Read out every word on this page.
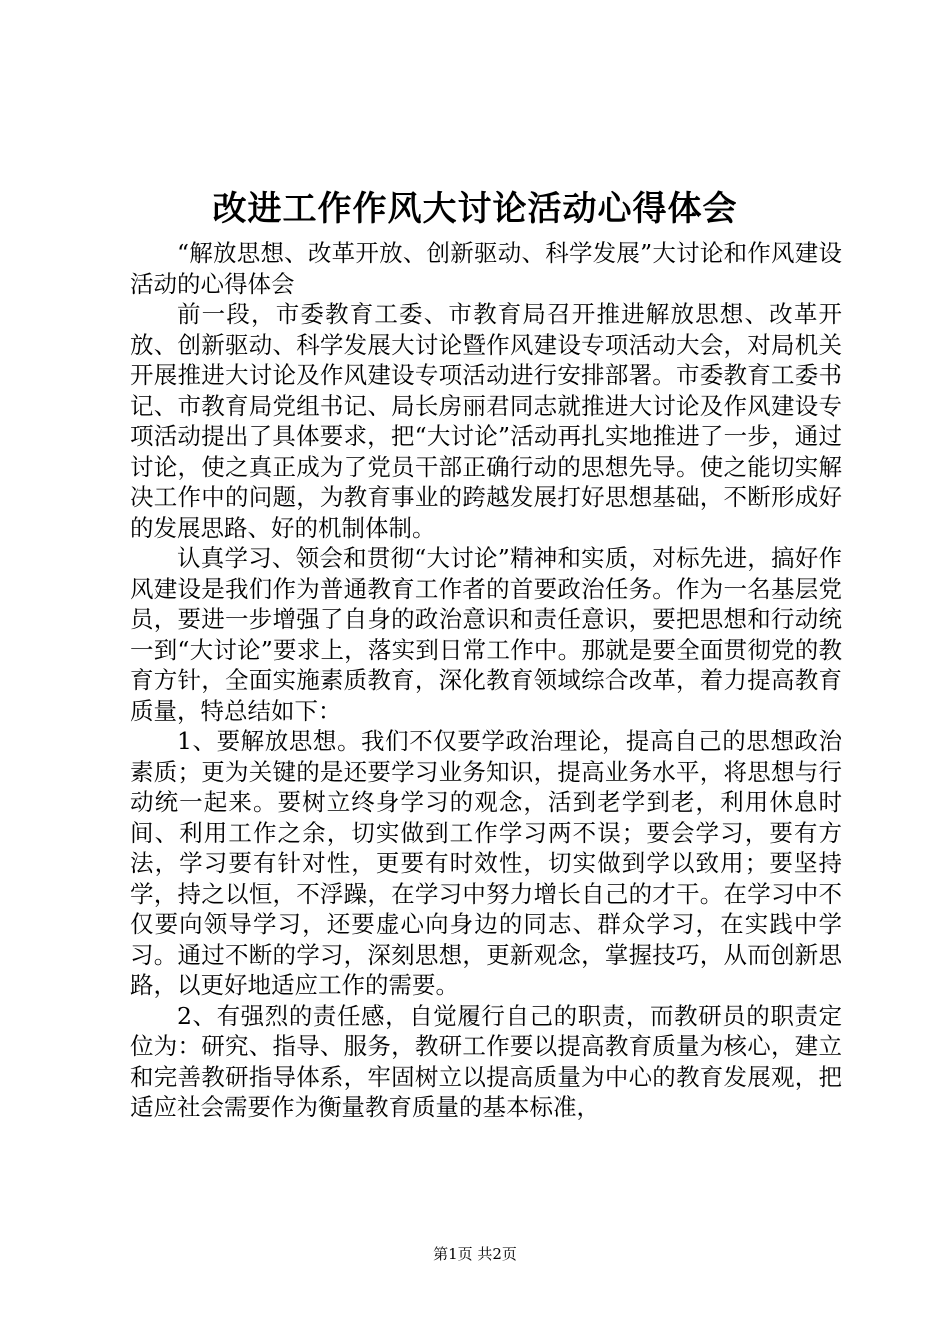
改进工作作风大讨论活动心得体会

“解放思想、改革开放、创新驱动、科学发展”大讨论和作风建设活动的心得体会

前一段，市委教育工委、市教育局召开推进解放思想、改革开放、创新驱动、科学发展大讨论暨作风建设专项活动大会，对局机关开展推进大讨论及作风建设专项活动进行安排部署。市委教育工委书记、市教育局党组书记、局长房丽君同志就推进大讨论及作风建设专项活动提出了具体要求，把“大讨论”活动再扎实地推进了一步，通过讨论，使之真正成为了党员干部正确行动的思想先导。使之能切实解决工作中的问题，为教育事业的跨越发展打好思想基础，不断形成好的发展思路、好的机制体制。

认真学习、领会和贯彻“大讨论”精神和实质，对标先进，搞好作风建设是我们作为普通教育工作者的首要政治任务。作为一名基层党员，要进一步增强了自身的政治意识和责任意识，要把思想和行动统一到“大讨论”要求上，落实到日常工作中。那就是要全面贯彻党的教育方针，全面实施素质教育，深化教育领域综合改革，着力提高教育质量，特总结如下：

1、要解放思想。我们不仅要学政治理论，提高自己的思想政治素质；更为关键的是还要学习业务知识，提高业务水平，将思想与行动统一起来。要树立终身学习的观念，活到老学到老，利用休息时间、利用工作之余，切实做到工作学习两不误；要会学习，要有方法，学习要有针对性，更要有时效性，切实做到学以致用；要坚持学，持之以恒，不浮躁，在学习中努力增长自己的才干。在学习中不仅要向领导学习，还要虚心向身边的同志、群众学习，在实践中学习。通过不断的学习，深刻思想，更新观念，掌握技巧，从而创新思路，以更好地适应工作的需要。

2、有强烈的责任感，自觉履行自己的职责，而教研员的职责定位为：研究、指导、服务，教研工作要以提高教育质量为核心，建立和完善教研指导体系，牢固树立以提高质量为中心的教育发展观，把适应社会需要作为衡量教育质量的基本标准，

第1页 共2页
